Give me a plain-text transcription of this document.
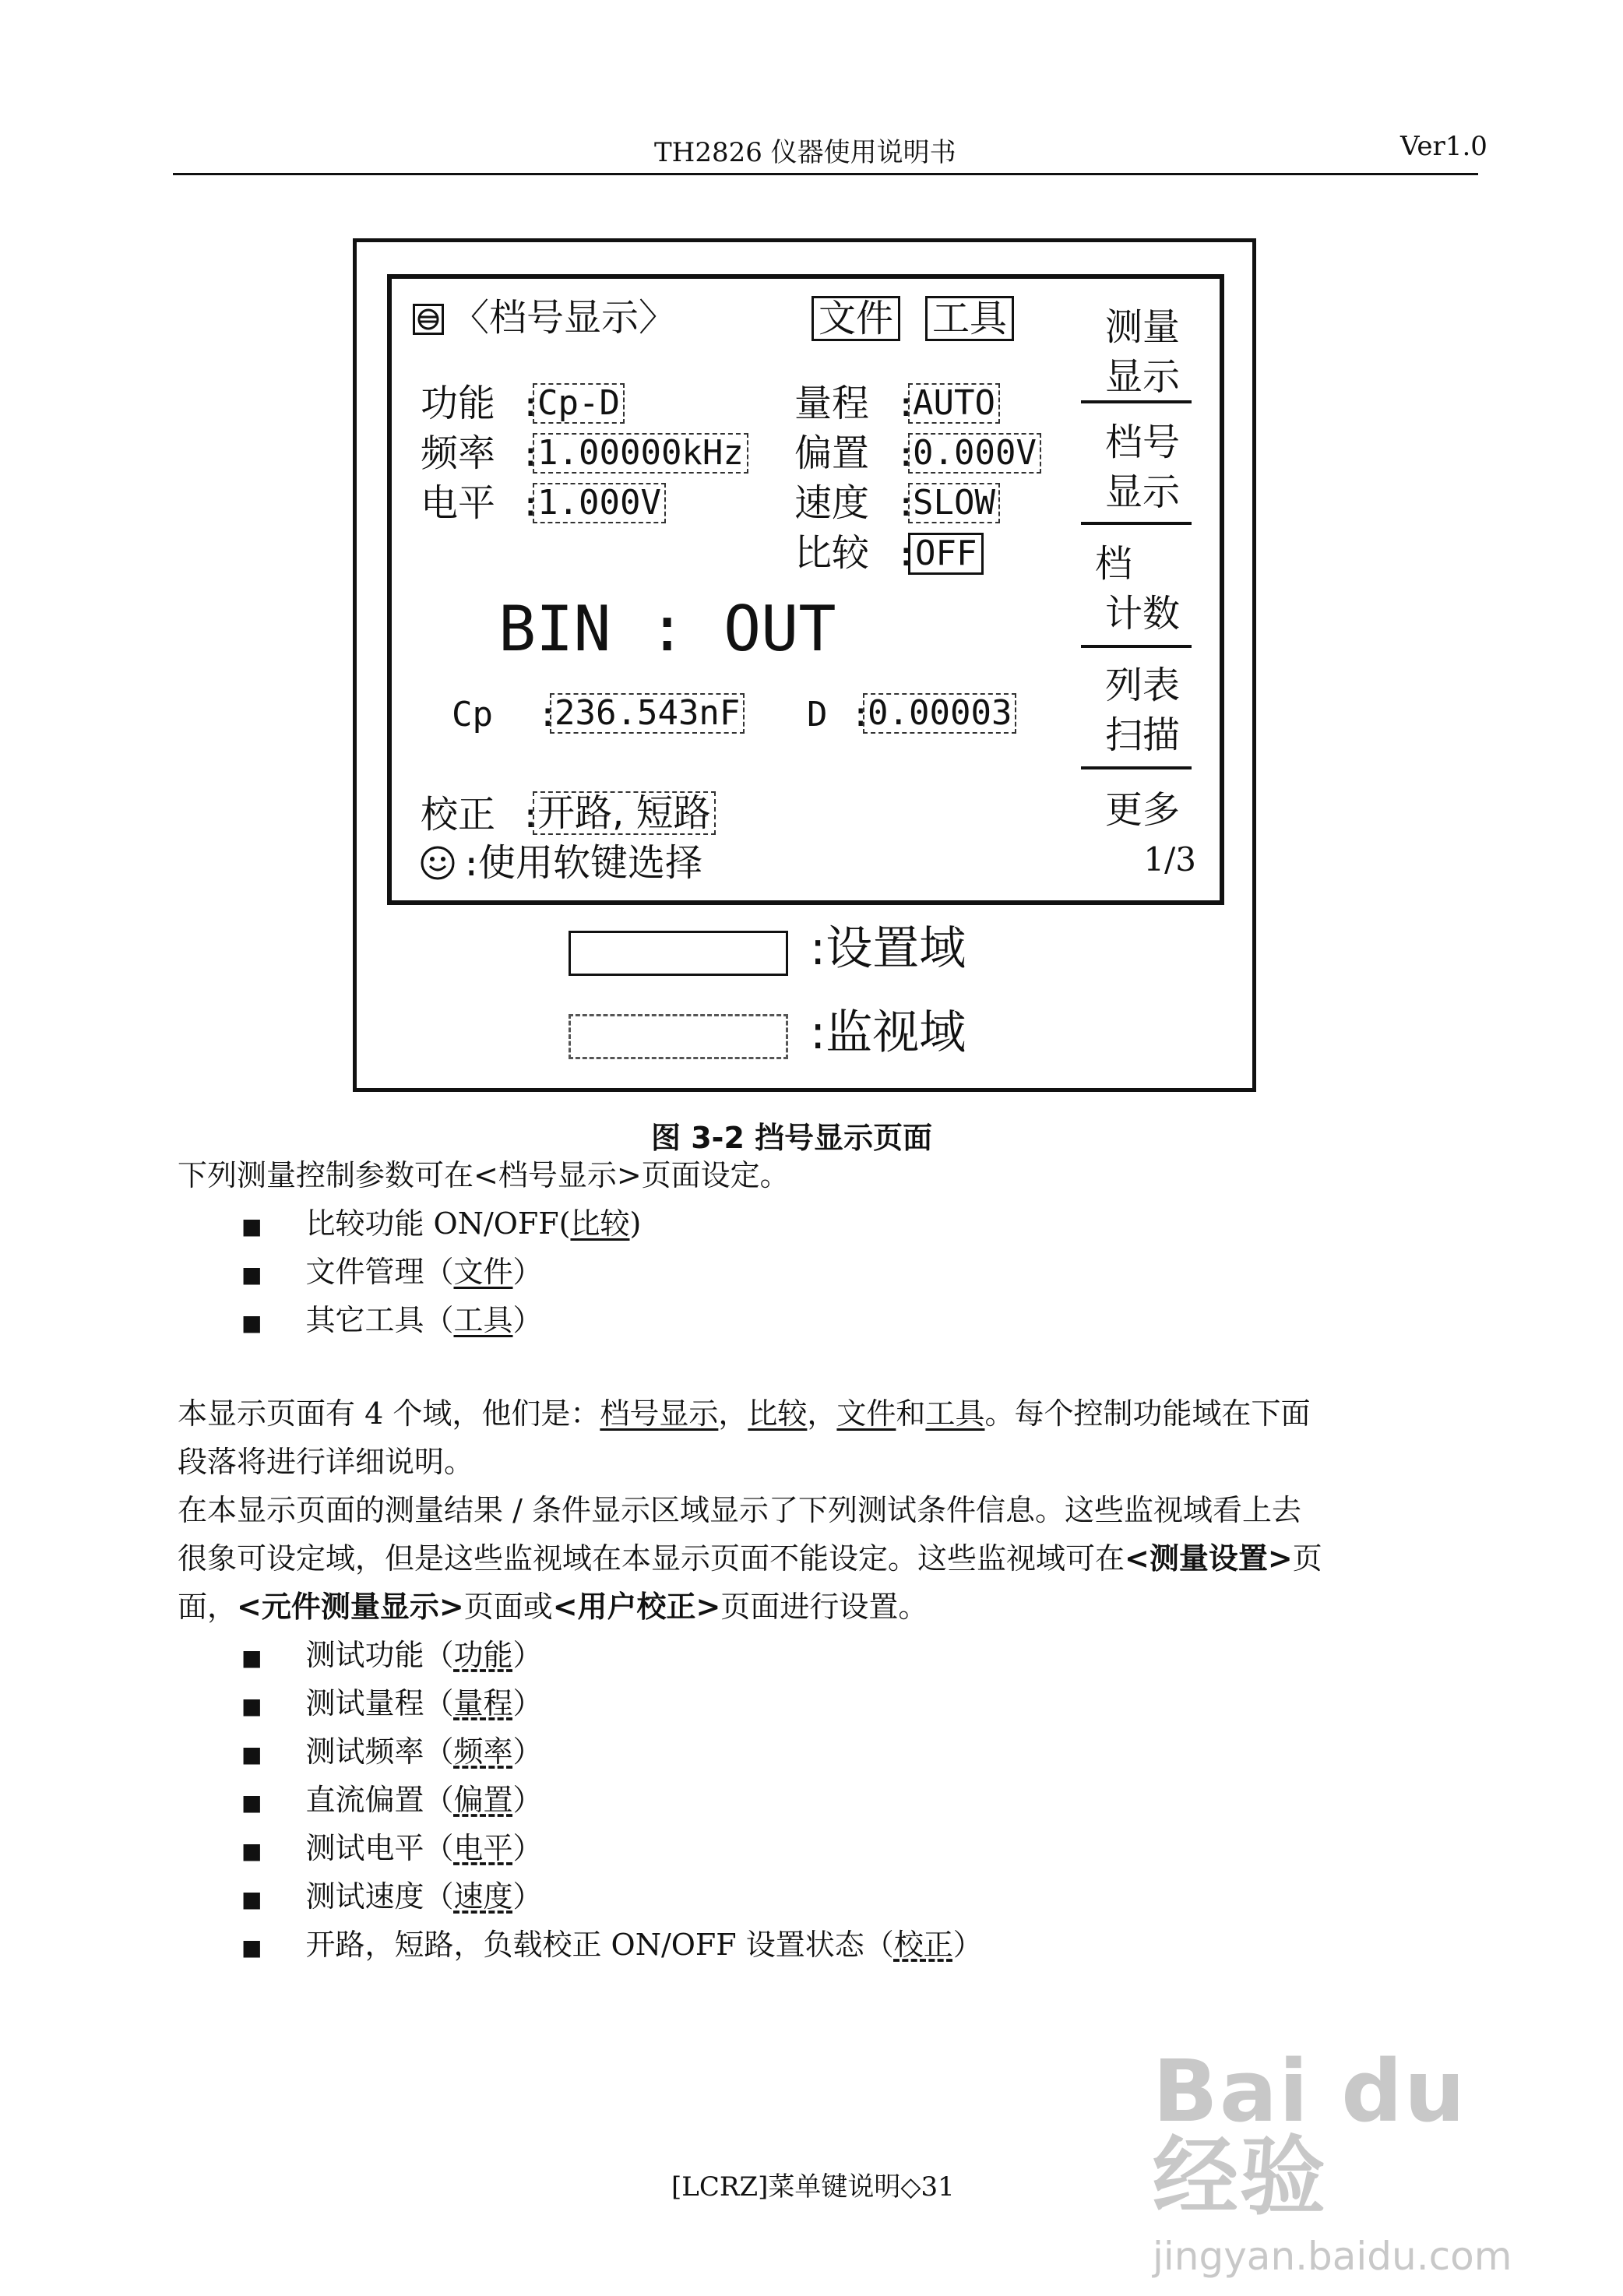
TH2826 仪器使用说明书	Ver1.0
〈档号显示〉	文件 工具
功能 :
Cp-D
频率 :
1.00000kHz
电平 :
1.000V
量程 :
AUTO
偏置 :
0.000V
速度 :
SLOW
比较 :
OFF
BIN : OUT
Cp :
236.543nF D :
0.00003
校正 :
开路, 短路
:
使用软键选择
测量
显示
档号
显示
档
计数
列表
扫描
更多
1/3
:设置域
:监视域
图 3-2 挡号显示页面
下列测量控制参数可在<档号显示>页面设定。
■ 比较功能 ON/OFF(比较)
■ 文件管理（文件）
■ 其它工具（工具）
本显示页面有 4 个域，他们是：档号显示，比较，文件和工具。每个控制功能域在下面
段落将进行详细说明。
在本显示页面的测量结果 / 条件显示区域显示了下列测试条件信息。这些监视域看上去
很象可设定域，但是这些监视域在本显示页面不能设定。这些监视域可在<测量设置>页
面，<元件测量显示>页面或<用户校正>页面进行设置。
■ 测试功能（功能）
■ 测试量程（量程）
■ 测试频率（频率）
■ 直流偏置（偏置）
■ 测试电平（电平）
■ 测试速度（速度）
■ 开路，短路，负载校正 ON/OFF 设置状态（校正）
[LCRZ]菜单键说明◇31
Bai du 经验
jingyan.baidu.com
